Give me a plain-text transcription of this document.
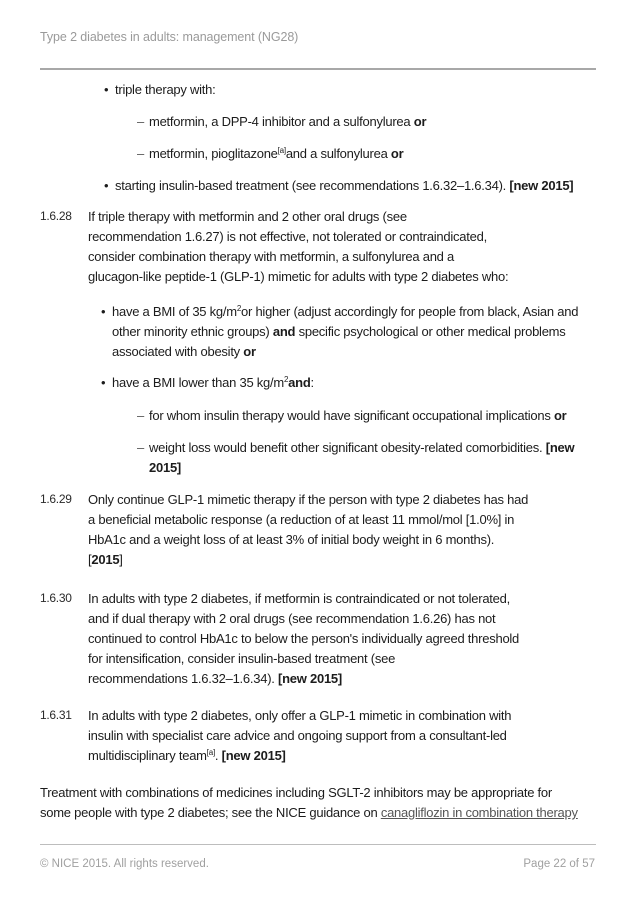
Type 2 diabetes in adults: management (NG28)
• triple therapy with:
– metformin, a DPP-4 inhibitor and a sulfonylurea or
– metformin, pioglitazone[a]and a sulfonylurea or
• starting insulin-based treatment (see recommendations 1.6.32–1.6.34). [new 2015]
1.6.28 If triple therapy with metformin and 2 other oral drugs (see
recommendation 1.6.27) is not effective, not tolerated or contraindicated,
consider combination therapy with metformin, a sulfonylurea and a
glucagon-like peptide-1 (GLP-1) mimetic for adults with type 2 diabetes who:
• have a BMI of 35 $kg/m^2or$ higher (adjust accordingly for people from black, Asian and
other minority ethnic groups) and specific psychological or other medical problems
associated with obesity or
• have a BMI lower than 35 $kg/m^2and$:
– for whom insulin therapy would have significant occupational implications or
– weight loss would benefit other significant obesity-related comorbidities. [new
2015]
1.6.29 Only continue GLP-1 mimetic therapy if the person with type 2 diabetes has had
a beneficial metabolic response (a reduction of at least 11 mmol/mol [1.0%] in
HbA1c and a weight loss of at least 3% of initial body weight in 6 months).
[2015]
1.6.30 In adults with type 2 diabetes, if metformin is contraindicated or not tolerated,
and if dual therapy with 2 oral drugs (see recommendation 1.6.26) has not
continued to control HbA1c to below the person's individually agreed threshold
for intensification, consider insulin-based treatment (see
recommendations 1.6.32–1.6.34). [new 2015]
1.6.31 In adults with type 2 diabetes, only offer a GLP-1 mimetic in combination with
insulin with specialist care advice and ongoing support from a consultant-led
multidisciplinary team[a]. [new 2015]
Treatment with combinations of medicines including SGLT-2 inhibitors may be appropriate for
some people with type 2 diabetes; see the NICE guidance on canagliflozin in combination therapy
© NICE 2015. All rights reserved.	Page 22 of 57
